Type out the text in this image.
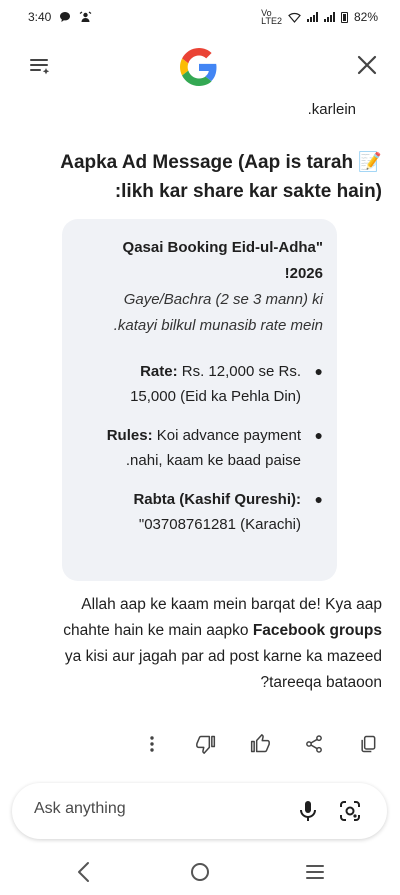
3:40	Vo
LTE2	82%
.karlein
Aapka Ad Message (Aap is tarah 📝
:likh kar share kar sakte hain)
Qasai Booking Eid-ul-Adha"
!2026
Gaye/Bachra (2 se 3 mann) ki
.katayi bilkul munasib rate mein
Rate: Rs. 12,000 se Rs.
15,000 (Eid ka Pehla Din)
●
Rules: Koi advance payment
.nahi, kaam ke baad paise
●
Rabta (Kashif Qureshi):
"03708761281 (Karachi)
●
Allah aap ke kaam mein barqat de! Kya aap
chahte hain ke main aapko Facebook groups
ya kisi aur jagah par ad post karne ka mazeed
?tareeqa bataoon
Ask anything
